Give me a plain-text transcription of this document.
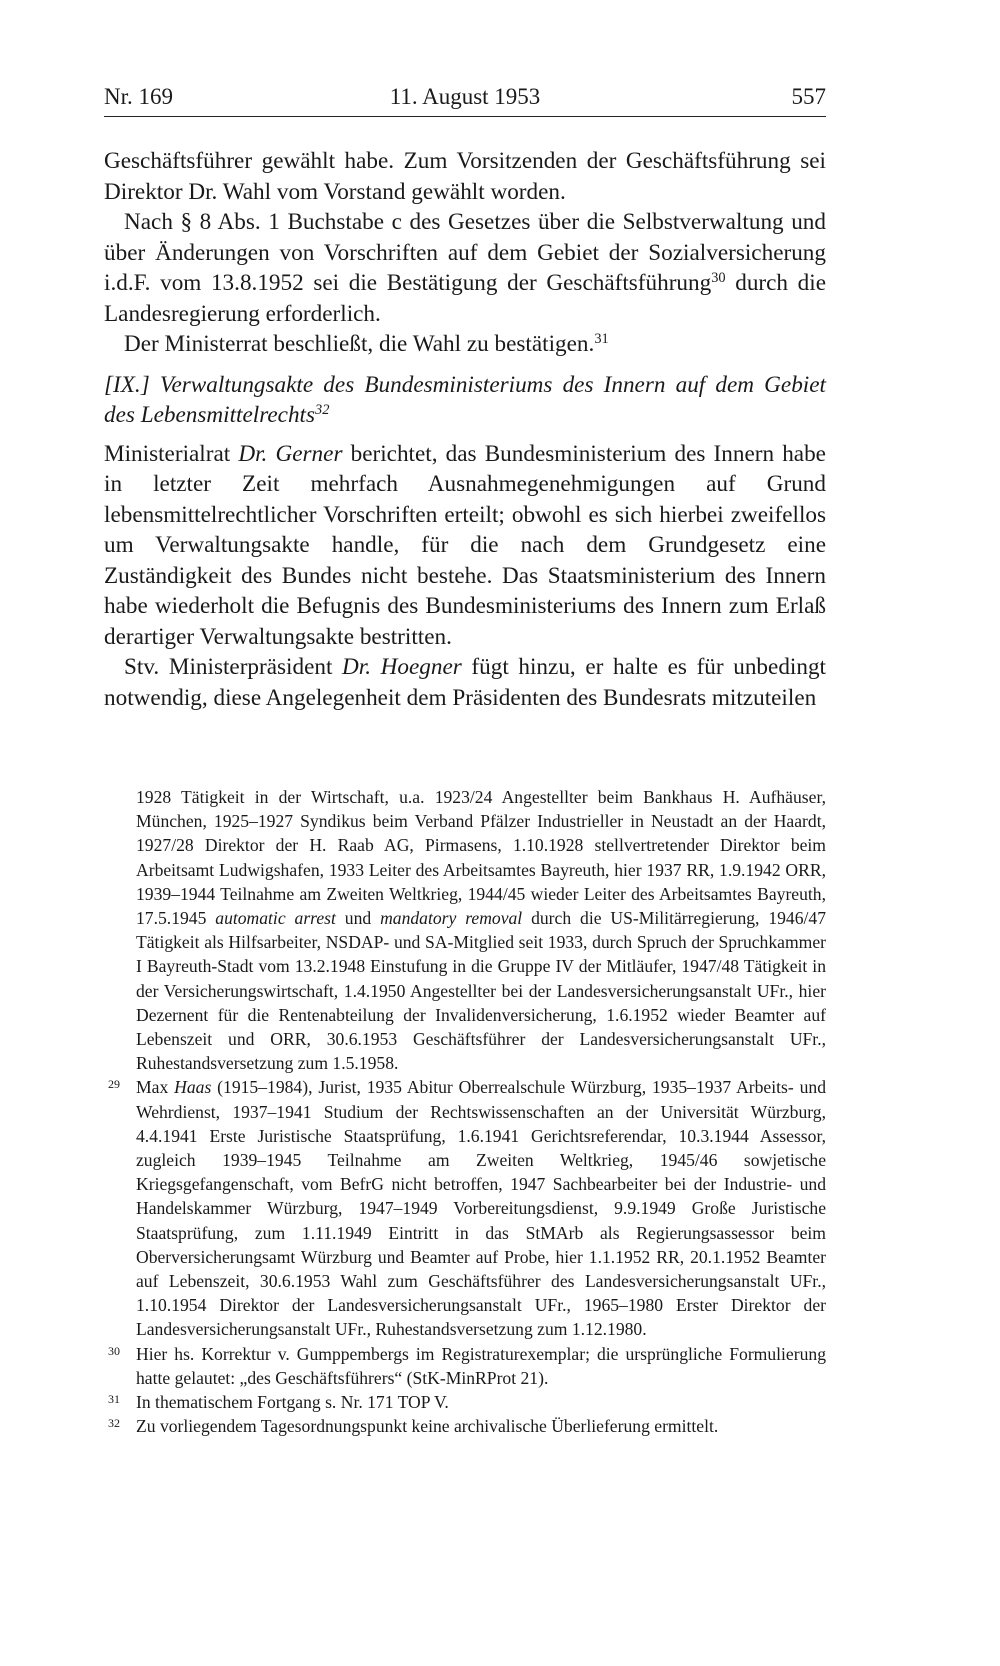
Nr. 169	11. August 1953	557

Geschäftsführer gewählt habe. Zum Vorsitzenden der Geschäftsführung sei Direktor Dr. Wahl vom Vorstand gewählt worden.

Nach § 8 Abs. 1 Buchstabe c des Gesetzes über die Selbstverwaltung und über Änderungen von Vorschriften auf dem Gebiet der Sozialversicherung i.d.F. vom 13.8.1952 sei die Bestätigung der Geschäftsführung$^{30}$ durch die Landesregierung erforderlich.

Der Ministerrat beschließt, die Wahl zu bestätigen.$^{31}$

[IX.] Verwaltungsakte des Bundesministeriums des Innern auf dem Gebiet des Lebensmittelrechts$^{32}$

Ministerialrat Dr. Gerner berichtet, das Bundesministerium des Innern habe in letzter Zeit mehrfach Ausnahmegenehmigungen auf Grund lebensmittelrechtlicher Vorschriften erteilt; obwohl es sich hierbei zweifellos um Verwaltungsakte handle, für die nach dem Grundgesetz eine Zuständigkeit des Bundes nicht bestehe. Das Staatsministerium des Innern habe wiederholt die Befugnis des Bundesministeriums des Innern zum Erlaß derartiger Verwaltungsakte bestritten.

Stv. Ministerpräsident Dr. Hoegner fügt hinzu, er halte es für unbedingt notwendig, diese Angelegenheit dem Präsidenten des Bundesrats mitzuteilen

1928 Tätigkeit in der Wirtschaft, u.a. 1923/24 Angestellter beim Bankhaus H. Aufhäuser, München, 1925–1927 Syndikus beim Verband Pfälzer Industrieller in Neustadt an der Haardt, 1927/28 Direktor der H. Raab AG, Pirmasens, 1.10.1928 stellvertretender Direktor beim Arbeitsamt Ludwigshafen, 1933 Leiter des Arbeitsamtes Bayreuth, hier 1937 RR, 1.9.1942 ORR, 1939–1944 Teilnahme am Zweiten Weltkrieg, 1944/45 wieder Leiter des Arbeitsamtes Bayreuth, 17.5.1945 automatic arrest und mandatory removal durch die US-Militärregierung, 1946/47 Tätigkeit als Hilfsarbeiter, NSDAP- und SA-Mitglied seit 1933, durch Spruch der Spruchkammer I Bayreuth-Stadt vom 13.2.1948 Einstufung in die Gruppe IV der Mitläufer, 1947/48 Tätigkeit in der Versicherungswirtschaft, 1.4.1950 Angestellter bei der Landesversicherungsanstalt UFr., hier Dezernent für die Rentenabteilung der Invalidenversicherung, 1.6.1952 wieder Beamter auf Lebenszeit und ORR, 30.6.1953 Geschäftsführer der Landesversicherungsanstalt UFr., Ruhestandsversetzung zum 1.5.1958.

29 Max Haas (1915–1984), Jurist, 1935 Abitur Oberrealschule Würzburg, 1935–1937 Arbeits- und Wehrdienst, 1937–1941 Studium der Rechtswissenschaften an der Universität Würzburg, 4.4.1941 Erste Juristische Staatsprüfung, 1.6.1941 Gerichtsreferendar, 10.3.1944 Assessor, zugleich 1939–1945 Teilnahme am Zweiten Weltkrieg, 1945/46 sowjetische Kriegsgefangenschaft, vom BefrG nicht betroffen, 1947 Sachbearbeiter bei der Industrie- und Handelskammer Würzburg, 1947–1949 Vorbereitungsdienst, 9.9.1949 Große Juristische Staatsprüfung, zum 1.11.1949 Eintritt in das StMArb als Regierungsassessor beim Oberversicherungsamt Würzburg und Beamter auf Probe, hier 1.1.1952 RR, 20.1.1952 Beamter auf Lebenszeit, 30.6.1953 Wahl zum Geschäftsführer des Landesversicherungsanstalt UFr., 1.10.1954 Direktor der Landesversicherungsanstalt UFr., 1965–1980 Erster Direktor der Landesversicherungsanstalt UFr., Ruhestandsversetzung zum 1.12.1980.

30 Hier hs. Korrektur v. Gumppembergs im Registraturexemplar; die ursprüngliche Formulierung hatte gelautet: „des Geschäftsführers“ (StK-MinRProt 21).

31 In thematischem Fortgang s. Nr. 171 TOP V.

32 Zu vorliegendem Tagesordnungspunkt keine archivalische Überlieferung ermittelt.
